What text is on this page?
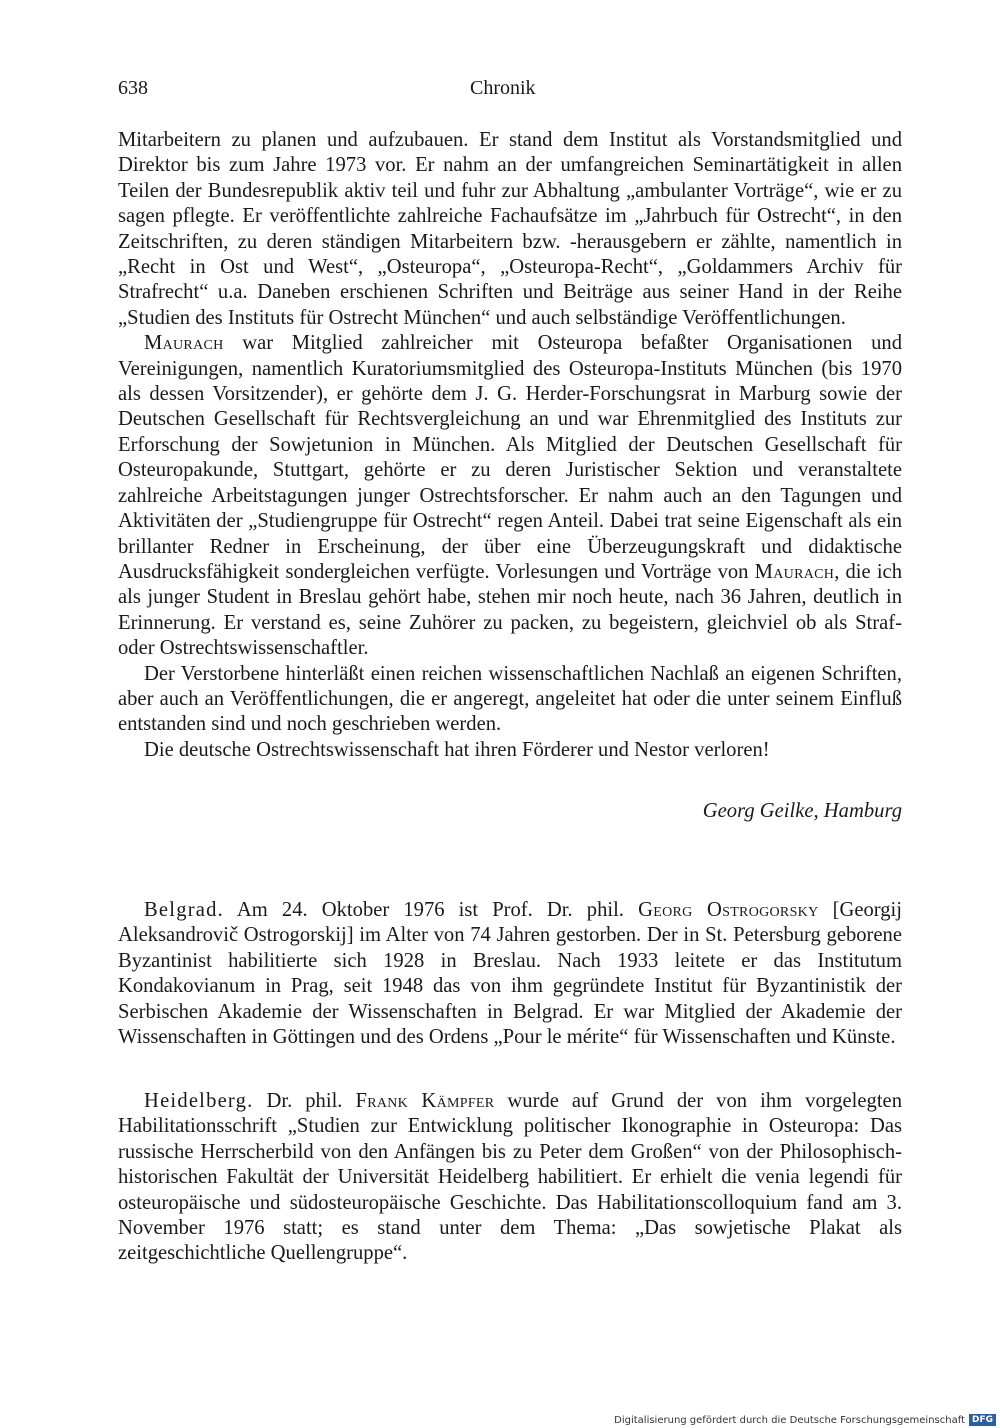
638	Chronik

Mitarbeitern zu planen und aufzubauen. Er stand dem Institut als Vorstandsmitglied und Direktor bis zum Jahre 1973 vor. Er nahm an der umfangreichen Seminartätigkeit in allen Teilen der Bundesrepublik aktiv teil und fuhr zur Abhaltung „ambulanter Vorträge“, wie er zu sagen pflegte. Er veröffentlichte zahlreiche Fachaufsätze im „Jahrbuch für Ostrecht“, in den Zeitschriften, zu deren ständigen Mitarbeitern bzw. -herausgebern er zählte, namentlich in „Recht in Ost und West“, „Osteuropa“, „Osteuropa-Recht“, „Goldammers Archiv für Strafrecht“ u.a. Daneben erschienen Schriften und Beiträge aus seiner Hand in der Reihe „Studien des Instituts für Ostrecht München“ und auch selbständige Veröffentlichungen.

Maurach war Mitglied zahlreicher mit Osteuropa befaßter Organisationen und Vereinigungen, namentlich Kuratoriumsmitglied des Osteuropa-Instituts München (bis 1970 als dessen Vorsitzender), er gehörte dem J. G. Herder-Forschungsrat in Marburg sowie der Deutschen Gesellschaft für Rechtsvergleichung an und war Ehrenmitglied des Instituts zur Erforschung der Sowjetunion in München. Als Mitglied der Deutschen Gesellschaft für Osteuropakunde, Stuttgart, gehörte er zu deren Juristischer Sektion und veranstaltete zahlreiche Arbeitstagungen junger Ostrechtsforscher. Er nahm auch an den Tagungen und Aktivitäten der „Studiengruppe für Ostrecht“ regen Anteil. Dabei trat seine Eigenschaft als ein brillanter Redner in Erscheinung, der über eine Überzeugungskraft und didaktische Ausdrucksfähigkeit sondergleichen verfügte. Vorlesungen und Vorträge von Maurach, die ich als junger Student in Breslau gehört habe, stehen mir noch heute, nach 36 Jahren, deutlich in Erinnerung. Er verstand es, seine Zuhörer zu packen, zu begeistern, gleichviel ob als Straf- oder Ostrechtswissenschaftler.

Der Verstorbene hinterläßt einen reichen wissenschaftlichen Nachlaß an eigenen Schriften, aber auch an Veröffentlichungen, die er angeregt, angeleitet hat oder die unter seinem Einfluß entstanden sind und noch geschrieben werden.

Die deutsche Ostrechtswissenschaft hat ihren Förderer und Nestor verloren!

Georg Geilke, Hamburg

Belgrad. Am 24. Oktober 1976 ist Prof. Dr. phil. Georg Ostrogorsky [Georgij Aleksandrovič Ostrogorskij] im Alter von 74 Jahren gestorben. Der in St. Petersburg geborene Byzantinist habilitierte sich 1928 in Breslau. Nach 1933 leitete er das Institutum Kondakovianum in Prag, seit 1948 das von ihm gegründete Institut für Byzantinistik der Serbischen Akademie der Wissenschaften in Belgrad. Er war Mitglied der Akademie der Wissenschaften in Göttingen und des Ordens „Pour le mérite“ für Wissenschaften und Künste.

Heidelberg. Dr. phil. Frank Kämpfer wurde auf Grund der von ihm vorgelegten Habilitationsschrift „Studien zur Entwicklung politischer Ikonographie in Osteuropa: Das russische Herrscherbild von den Anfängen bis zu Peter dem Großen“ von der Philosophisch-historischen Fakultät der Universität Heidelberg habilitiert. Er erhielt die venia legendi für osteuropäische und südosteuropäische Geschichte. Das Habilitationscolloquium fand am 3. November 1976 statt; es stand unter dem Thema: „Das sowjetische Plakat als zeitgeschichtliche Quellengruppe“.

Digitalisierung gefördert durch die Deutsche Forschungsgemeinschaft DFG
